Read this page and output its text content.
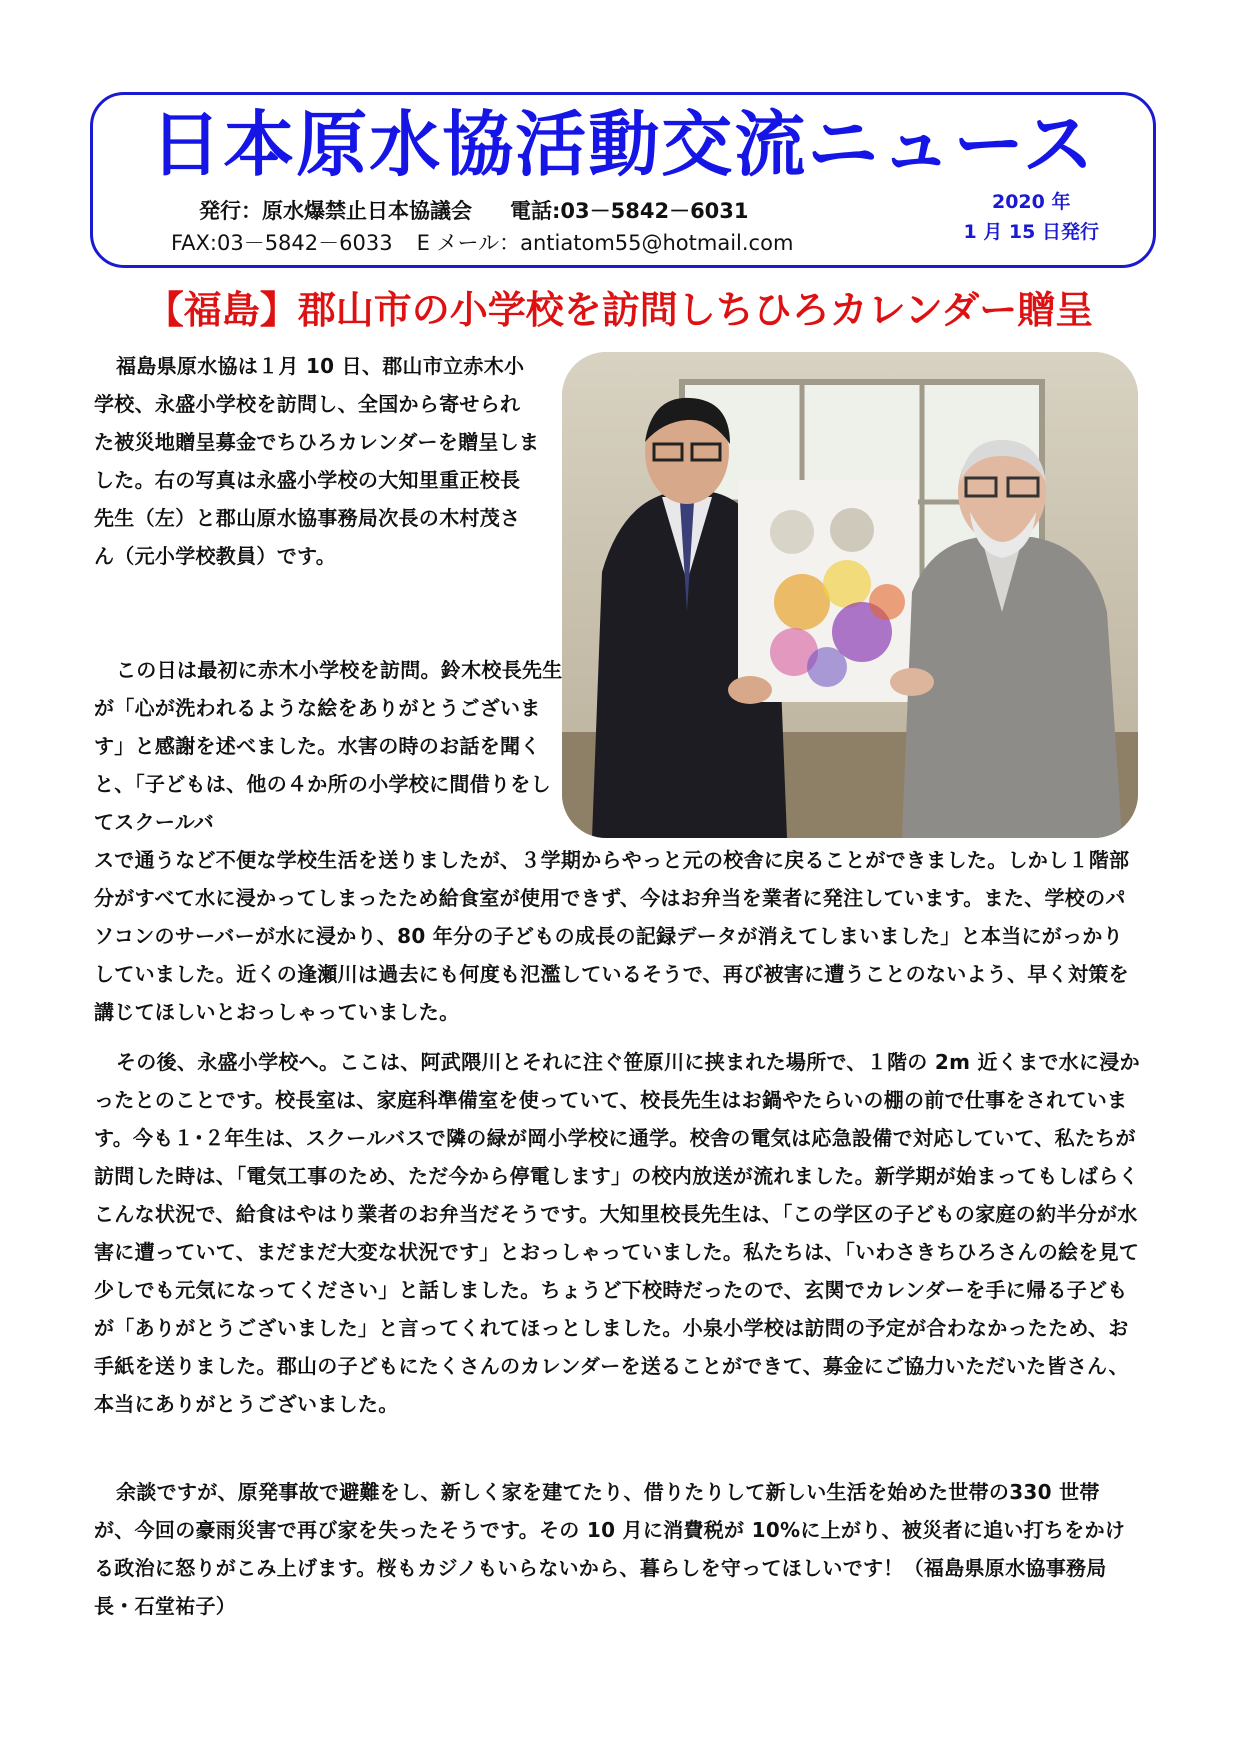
日本原水協活動交流ニュース
発行：原水爆禁止日本協議会 電話:03－5842－6031
FAX:03－5842－6033 E メール：antiatom55@hotmail.com
2020 年
1 月 15 日発行
【福島】郡山市の小学校を訪問しちひろカレンダー贈呈

福島県原水協は１月 10 日、郡山市立赤木小学校、永盛小学校を訪問し、全国から寄せられた被災地贈呈募金でちひろカレンダーを贈呈しました。右の写真は永盛小学校の大知里重正校長先生（左）と郡山原水協事務局次長の木村茂さん（元小学校教員）です。

この日は最初に赤木小学校を訪問。鈴木校長先生が「心が洗われるような絵をありがとうございます」と感謝を述べました。水害の時のお話を聞くと、「子どもは、他の４か所の小学校に間借りをしてスクールバ

スで通うなど不便な学校生活を送りましたが、３学期からやっと元の校舎に戻ることができました。しかし１階部分がすべて水に浸かってしまったため給食室が使用できず、今はお弁当を業者に発注しています。また、学校のパソコンのサーバーが水に浸かり、80 年分の子どもの成長の記録データが消えてしまいました」と本当にがっかりしていました。近くの逢瀬川は過去にも何度も氾濫しているそうで、再び被害に遭うことのないよう、早く対策を講じてほしいとおっしゃっていました。

その後、永盛小学校へ。ここは、阿武隈川とそれに注ぐ笹原川に挟まれた場所で、１階の 2m 近くまで水に浸かったとのことです。校長室は、家庭科準備室を使っていて、校長先生はお鍋やたらいの棚の前で仕事をされています。今も１･２年生は、スクールバスで隣の緑が岡小学校に通学。校舎の電気は応急設備で対応していて、私たちが訪問した時は、「電気工事のため、ただ今から停電します」の校内放送が流れました。新学期が始まってもしばらくこんな状況で、給食はやはり業者のお弁当だそうです。大知里校長先生は、「この学区の子どもの家庭の約半分が水害に遭っていて、まだまだ大変な状況です」とおっしゃっていました。私たちは、「いわさきちひろさんの絵を見て少しでも元気になってください」と話しました。ちょうど下校時だったので、玄関でカレンダーを手に帰る子どもが「ありがとうございました」と言ってくれてほっとしました。小泉小学校は訪問の予定が合わなかったため、お手紙を送りました。郡山の子どもにたくさんのカレンダーを送ることができて、募金にご協力いただいた皆さん、本当にありがとうございました。

余談ですが、原発事故で避難をし、新しく家を建てたり、借りたりして新しい生活を始めた世帯の330 世帯が、今回の豪雨災害で再び家を失ったそうです。その 10 月に消費税が 10%に上がり、被災者に追い打ちをかける政治に怒りがこみ上げます。桜もカジノもいらないから、暮らしを守ってほしいです！（福島県原水協事務局長・石堂祐子）
